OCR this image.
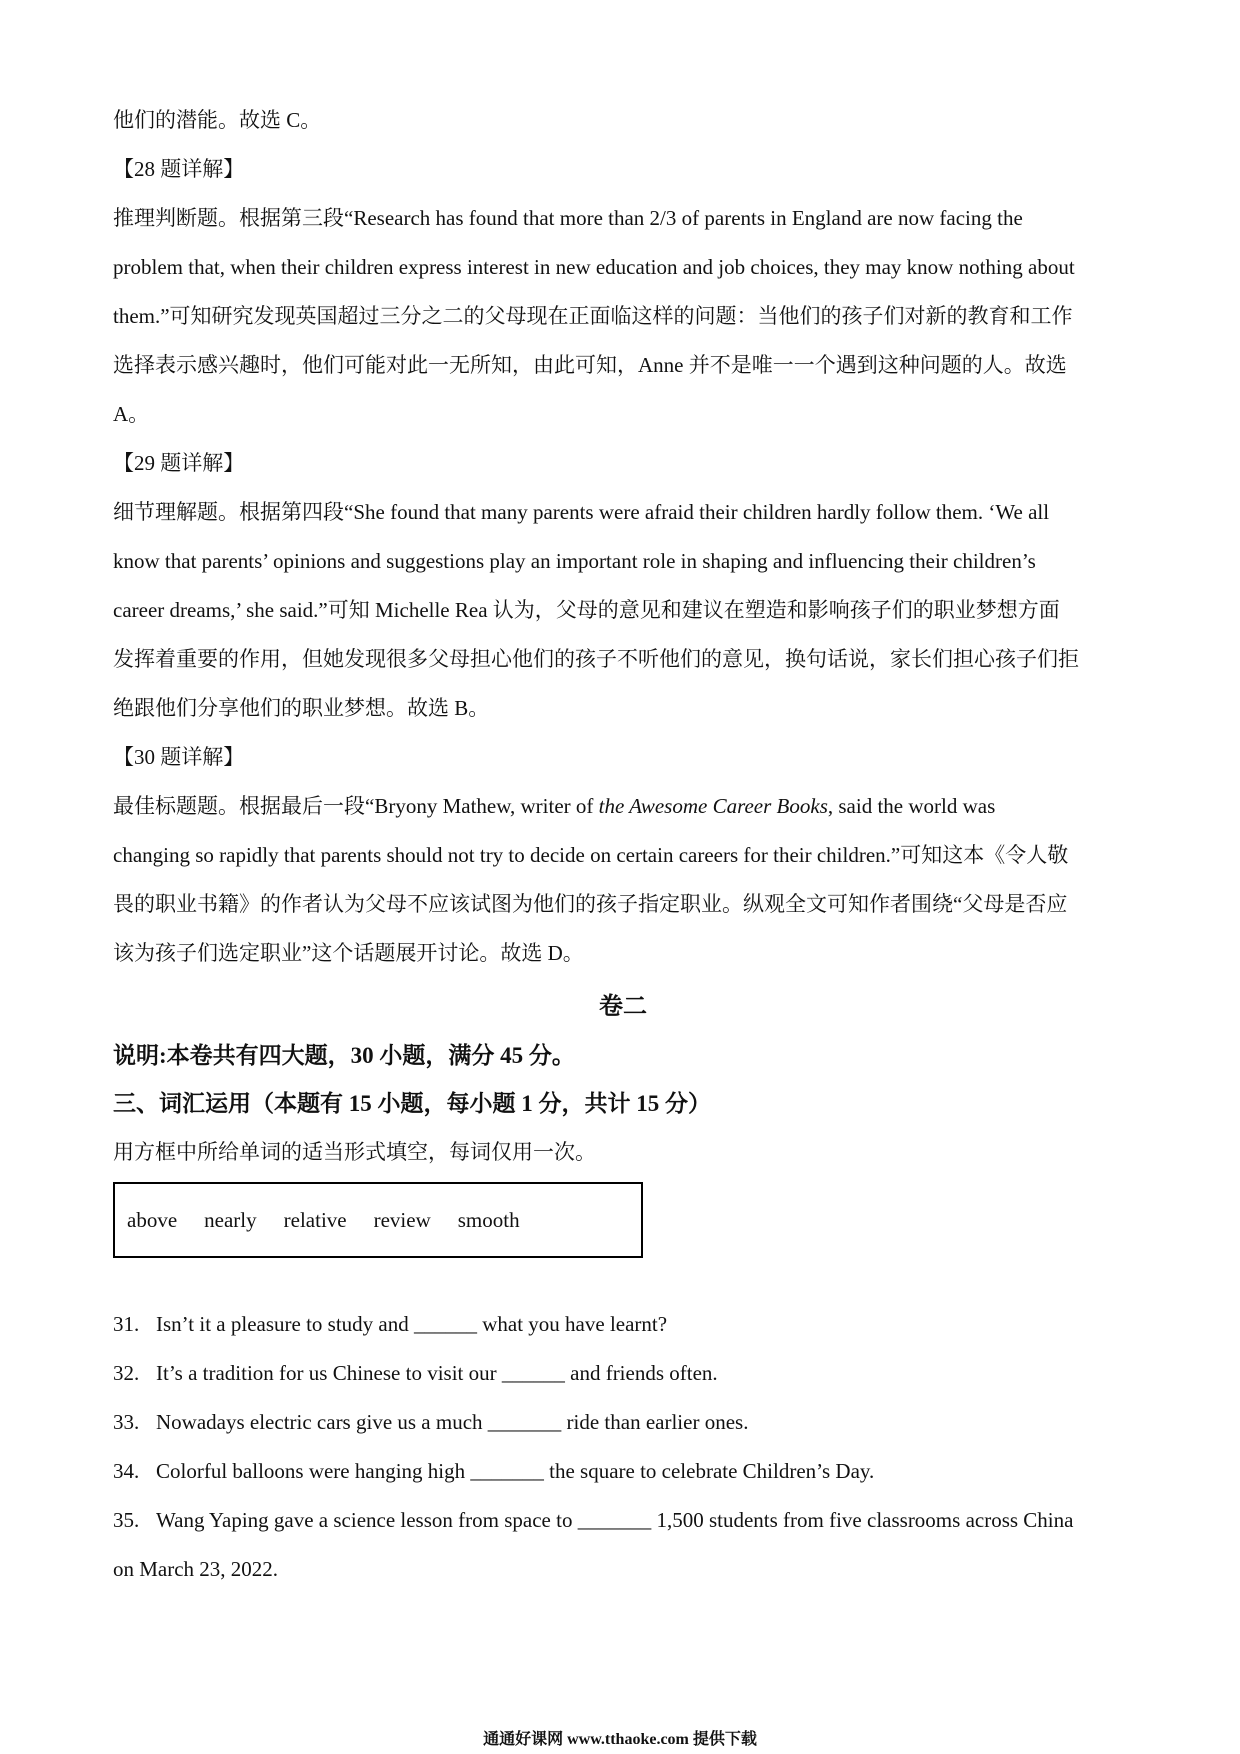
他们的潜能。故选 C。
【28 题详解】
推理判断题。根据第三段“Research has found that more than 2/3 of parents in England are now facing the
problem that, when their children express interest in new education and job choices, they may know nothing about
them.”可知研究发现英国超过三分之二的父母现在正面临这样的问题：当他们的孩子们对新的教育和工作
选择表示感兴趣时，他们可能对此一无所知，由此可知，Anne 并不是唯一一个遇到这种问题的人。故选
A。
【29 题详解】
细节理解题。根据第四段“She found that many parents were afraid their children hardly follow them. ‘We all
know that parents’ opinions and suggestions play an important role in shaping and influencing their children’s
career dreams,’ she said.”可知 Michelle Rea 认为，父母的意见和建议在塑造和影响孩子们的职业梦想方面
发挥着重要的作用，但她发现很多父母担心他们的孩子不听他们的意见，换句话说，家长们担心孩子们拒
绝跟他们分享他们的职业梦想。故选 B。
【30 题详解】
最佳标题题。根据最后一段“Bryony Mathew, writer of the Awesome Career Books, said the world was
changing so rapidly that parents should not try to decide on certain careers for their children.”可知这本《令人敬
畏的职业书籍》的作者认为父母不应该试图为他们的孩子指定职业。纵观全文可知作者围绕“父母是否应
该为孩子们选定职业”这个话题展开讨论。故选 D。
卷二
说明:本卷共有四大题，30 小题，满分 45 分。
三、词汇运用（本题有 15 小题，每小题 1 分，共计 15 分）
用方框中所给单词的适当形式填空，每词仅用一次。
above nearly relative review smooth
31. Isn’t it a pleasure to study and ______ what you have learnt?
32. It’s a tradition for us Chinese to visit our ______ and friends often.
33. Nowadays electric cars give us a much _______ ride than earlier ones.
34. Colorful balloons were hanging high _______ the square to celebrate Children’s Day.
35. Wang Yaping gave a science lesson from space to _______ 1,500 students from five classrooms across China
on March 23, 2022.
通通好课网 www.tthaoke.com 提供下载
